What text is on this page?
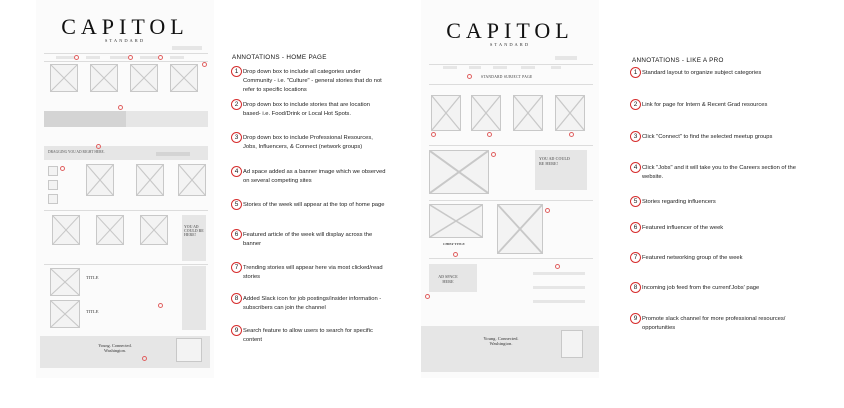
CAPITOL
STANDARD
DRAGGING YOU AD RIGHT HERE.
YOU AD COULD BE HERE!
TITLE
TITLE
Young. Connected. Washington.
ANNOTATIONS - HOME PAGE
1 Drop down box to include all categories under Community - i.e. "Culture" - general stories that do not refer to specific locations
2 Drop down box to include stories that are location based- i.e. Food/Drink or Local Hot Spots.
3 Drop down box to include Professional Resources, Jobs, Influencers, & Connect (network groups)
4 Ad space added as a banner image which we observed on several competing sites
5 Stories of the week will appear at the top of home page
6 Featured article of the week will display across the banner
7 Trending stories will appear here via most clicked/read stories
8 Added Slack icon for job postings/insider information - subscribers can join the channel
9 Search feature to allow users to search for specific content
CAPITOL
STANDARD
STANDARD SUBJECT PAGE
YOU AD COULD BE HERE!
CHIEF TITLE
AD SPACE HERE
Young. Connected. Washington.
ANNOTATIONS - LIKE A PRO
1 Standard layout to organize subject categories
2 Link for page for Intern & Recent Grad resources
3 Click "Connect" to find the selected meetup groups
4 Click "Jobs" and it will take you to the Careers section of the website.
5 Stories regarding influencers
6 Featured influencer of the week
7 Featured networking group of the week
8 Incoming job feed from the current'Jobs' page
9 Promote slack channel for more professional resources/ opportunities
